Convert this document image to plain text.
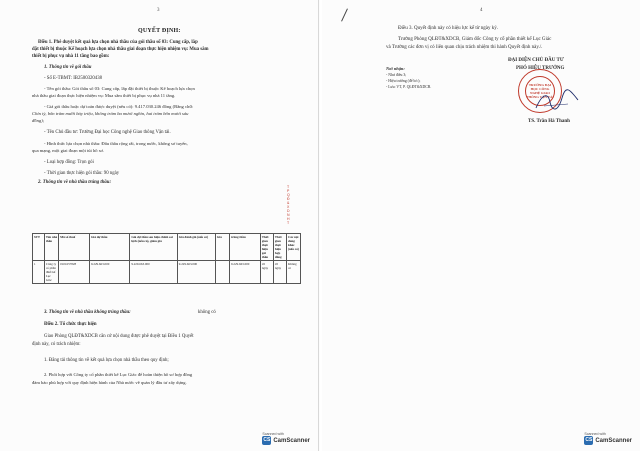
3
QUYẾT ĐỊNH:
Điều 1. Phê duyệt kết quả lựa chọn nhà thầu của gói thầu số 03: Cung cấp, lắp
đặt thiết bị thuộc Kế hoạch lựa chọn nhà thầu giai đoạn thực hiện nhiệm vụ: Mua sắm
thiết bị phục vụ nhà 11 tầng bao gồm:
1. Thông tin về gói thầu
- Số E-TBMT: IB2500320438
- Tên gói thầu: Gói thầu số 03: Cung cấp, lắp đặt thiết bị thuộc Kế hoạch lựa chọn
nhà thầu giai đoạn thực hiện nhiệm vụ: Mua sắm thiết bị phục vụ nhà 11 tầng.
- Giá gói thầu hoặc dự toán được duyệt (nếu có): 9.417.030.246 đồng (Bằng chữ:
Chín tỷ, bốn trăm mười bảy triệu, không trăm ba mươi nghìn, hai trăm bốn mươi sáu
đồng);
- Tên Chủ đầu tư: Trường Đại học Công nghệ Giao thông Vận tải.
- Hình thức lựa chọn nhà thầu: Đấu thầu rộng rãi, trong nước, không sơ tuyển,
qua mạng, một giai đoạn một túi hồ sơ.
- Loại hợp đồng: Trọn gói
- Thời gian thực hiện gói thầu: 90 ngày
2. Thông tin về nhà thầu trúng thầu:
T
P
Q
Đ
&
X
D
N
H
T
STT	Tên nhà thầu	Mã số thuế	Giá dự thầu	Giá dự thầu sau hiệu chỉnh sai lệch (nếu có), giảm giá	Giá đánh giá (nếu có)	Giá	trúng thầu	Thời gian thực hiện gói thầu	Thời gian thực hiện hợp đồng	Các nội dung khác (nếu có)
1	Công ty cổ phần thiết kế Lục Giác	0101657828	9.229.663.000	9.229.663.000	9.229.663.000		9.229.663.000	45 ngày	45 ngày	Không có
3. Thông tin về nhà thầu không trúng thầu:	không có
Điều 2. Tổ chức thực hiện
Giao Phòng QLĐT&XDCB căn cứ nội dung được phê duyệt tại Điều 1 Quyết
định này, có trách nhiệm:
1. Đăng tải thông tin về kết quả lựa chọn nhà thầu theo quy định;
2. Phối hợp với Công ty cổ phần thiết kế Lục Giác để hoàn thiện hồ sơ hợp đồng
đảm bảo phù hợp với quy định hiện hành của Nhà nước về quản lý đầu tư xây dựng.
Scanned with
CS CamScanner
4
Điều 3. Quyết định này có hiệu lực kể từ ngày ký.
Trưởng Phòng QLĐT&XDCB, Giám đốc Công ty cổ phần thiết kế Lục Giác
và Trường các đơn vị có liên quan chịu trách nhiệm thi hành Quyết định này./.
Nơi nhận:
- Như điều 3;
- Hiệu trưởng (để b/c);
- Lưu: VT, P. QLĐT&XDCB.
ĐẠI DIỆN CHỦ ĐẦU TƯ
PHÓ HIỆU TRƯỞNG
TRƯỜNG ĐẠI HỌC CÔNG NGHỆ GIAO THÔNG VẬN TẢI
TS. Trần Hà Thanh
Scanned with
CS CamScanner
